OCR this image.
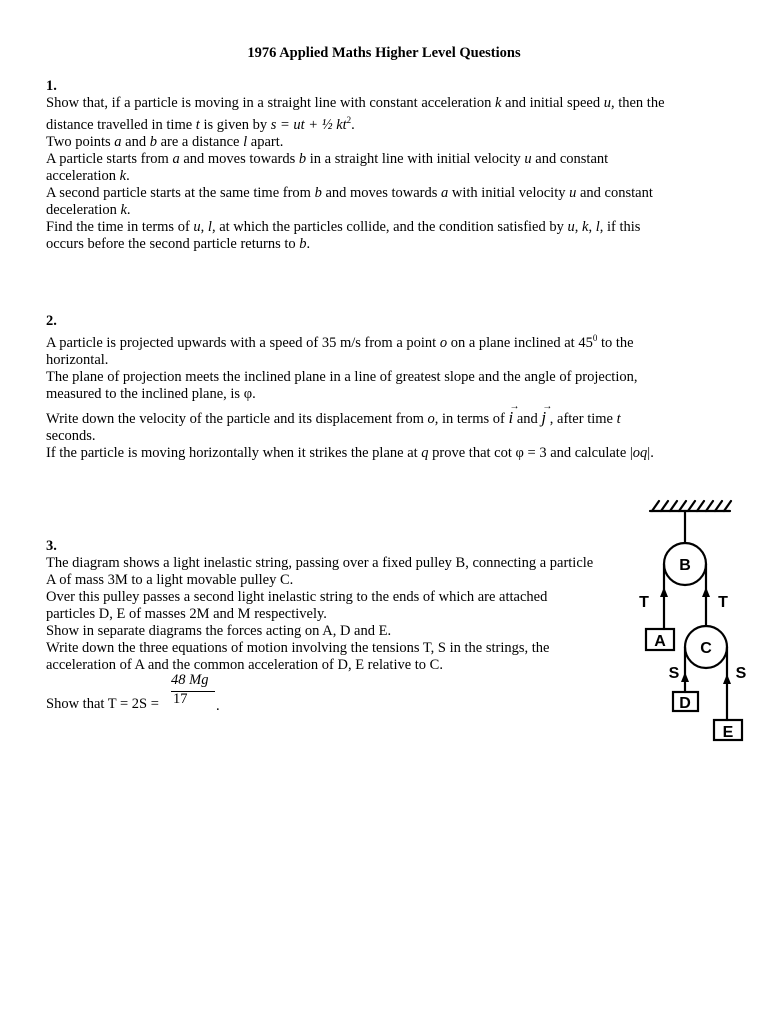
1976 Applied Maths Higher Level Questions
1.
Show that, if a particle is moving in a straight line with constant acceleration k and initial speed u, then the
distance travelled in time t is given by s = ut + ½ $kt^2$.
Two points a and b are a distance l apart.
A particle starts from a and moves towards b in a straight line with initial velocity u and constant
acceleration k.
A second particle starts at the same time from b and moves towards a with initial velocity u and constant
deceleration k.
Find the time in terms of u, l, at which the particles collide, and the condition satisfied by u, k, l, if this
occurs before the second particle returns to b.
2.
A particle is projected upwards with a speed of 35 m/s from a point o on a plane inclined at $45^0$ to the
horizontal.
The plane of projection meets the inclined plane in a line of greatest slope and the angle of projection,
measured to the inclined plane, is φ.
Write down the velocity of the particle and its displacement from o, in terms of
→
i and
→
j , after time t
seconds.
If the particle is moving horizontally when it strikes the plane at q prove that cot φ = 3 and calculate |oq|.
3.
The diagram shows a light inelastic string, passing over a fixed pulley B, connecting a particle
A of mass 3M to a light movable pulley C.
Over this pulley passes a second light inelastic string to the ends of which are attached
particles D, E of masses 2M and M respectively.
Show in separate diagrams the forces acting on A, D and E.
Write down the three equations of motion involving the tensions T, S in the strings, the
acceleration of A and the common acceleration of D, E relative to C.
Show that T = 2S =
48 Mg
17 .
B
C
A
D
E
T	T
S	S
